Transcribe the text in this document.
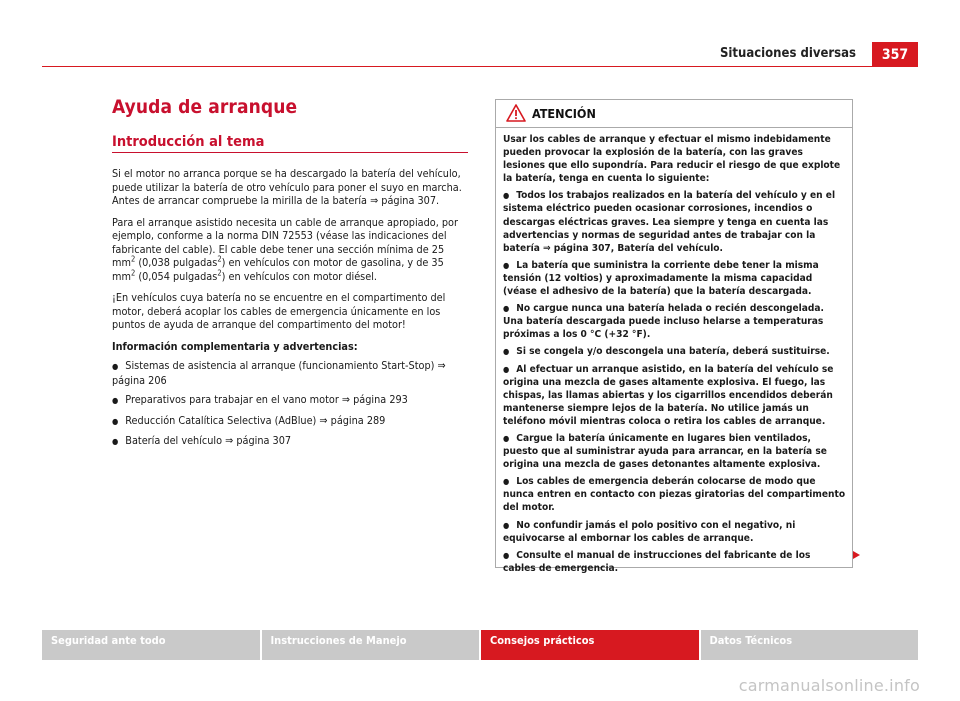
Situaciones diversas	357
Ayuda de arranque
Introducción al tema

Si el motor no arranca porque se ha descargado la batería del vehículo, puede utilizar la batería de otro vehículo para poner el suyo en marcha. Antes de arrancar compruebe la mirilla de la batería ⇒ página 307.

Para el arranque asistido necesita un cable de arranque apropiado, por ejemplo, conforme a la norma DIN 72553 (véase las indicaciones del fabricante del cable). El cable debe tener una sección mínima de 25 $mm^2$ (0,038 pulgadas$^2$) en vehículos con motor de gasolina, y de 35 $mm^2$ (0,054 pulgadas$^2$) en vehículos con motor diésel.

¡En vehículos cuya batería no se encuentre en el compartimento del motor, deberá acoplar los cables de emergencia únicamente en los puntos de ayuda de arranque del compartimento del motor!

Información complementaria y advertencias:

● Sistemas de asistencia al arranque (funcionamiento Start-Stop) ⇒ página 206

● Preparativos para trabajar en el vano motor ⇒ página 293

● Reducción Catalítica Selectiva (AdBlue) ⇒ página 289

● Batería del vehículo ⇒ página 307

ATENCIÓN

Usar los cables de arranque y efectuar el mismo indebidamente pueden provocar la explosión de la batería, con las graves lesiones que ello supondría. Para reducir el riesgo de que explote la batería, tenga en cuenta lo siguiente:

● Todos los trabajos realizados en la batería del vehículo y en el sistema eléctrico pueden ocasionar corrosiones, incendios o descargas eléctricas graves. Lea siempre y tenga en cuenta las advertencias y normas de seguridad antes de trabajar con la batería ⇒ página 307, Batería del vehículo.

● La batería que suministra la corriente debe tener la misma tensión (12 voltios) y aproximadamente la misma capacidad (véase el adhesivo de la batería) que la batería descargada.

● No cargue nunca una batería helada o recién descongelada. Una batería descargada puede incluso helarse a temperaturas próximas a los 0 °C (+32 °F).

● Si se congela y/o descongela una batería, deberá sustituirse.

● Al efectuar un arranque asistido, en la batería del vehículo se origina una mezcla de gases altamente explosiva. El fuego, las chispas, las llamas abiertas y los cigarrillos encendidos deberán mantenerse siempre lejos de la batería. No utilice jamás un teléfono móvil mientras coloca o retira los cables de arranque.

● Cargue la batería únicamente en lugares bien ventilados, puesto que al suministrar ayuda para arrancar, en la batería se origina una mezcla de gases detonantes altamente explosiva.

● Los cables de emergencia deberán colocarse de modo que nunca entren en contacto con piezas giratorias del compartimento del motor.

● No confundir jamás el polo positivo con el negativo, ni equivocarse al embornar los cables de arranque.

● Consulte el manual de instrucciones del fabricante de los cables de emergencia.

Seguridad ante todo	Instrucciones de Manejo	Consejos prácticos	Datos Técnicos
carmanualsonline.info
